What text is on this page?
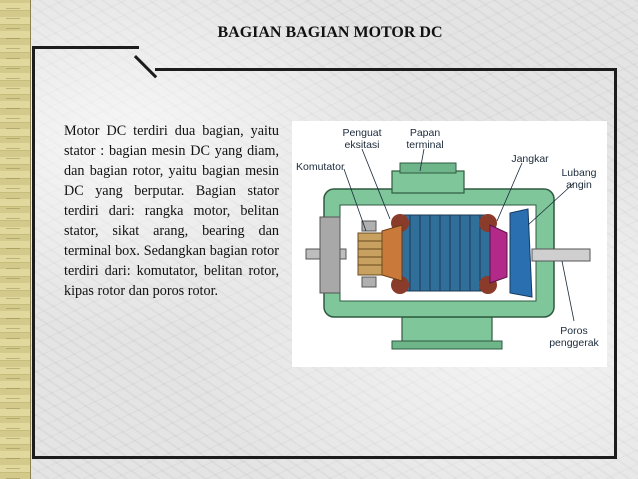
BAGIAN BAGIAN MOTOR DC
Motor DC terdiri dua bagian, yaitu stator : bagian mesin DC yang diam, dan bagian rotor, yaitu bagian mesin DC yang berputar. Bagian stator terdiri dari: rangka motor, belitan stator, sikat arang, bearing dan terminal box. Sedangkan bagian rotor terdiri dari: komutator, belitan rotor, kipas rotor dan poros rotor.
Penguat
eksitasi
Papan
terminal
Komutator
Jangkar
Lubang
angin
Poros
penggerak
